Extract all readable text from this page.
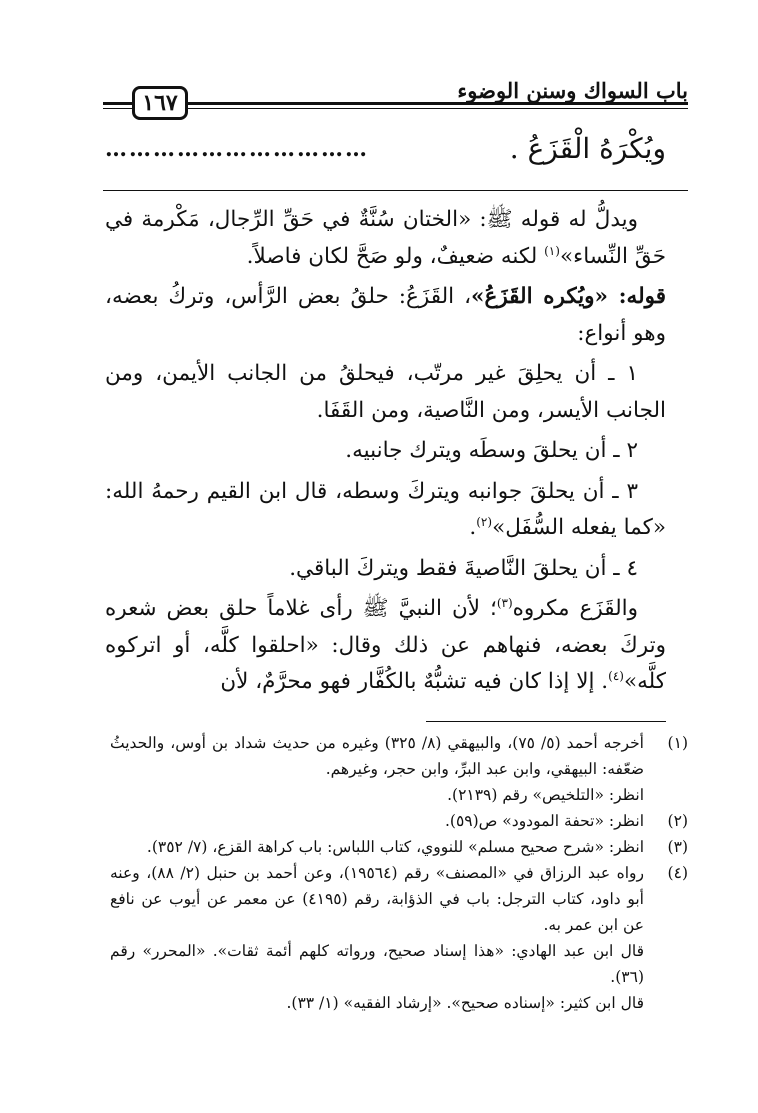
باب السواك وسنن الوضوء
١٦٧
ويُكْرَهُ الْقَزَعُ .
……………………………

ويدلُّ له قوله ﷺ: «الختان سُنَّةٌ في حَقِّ الرِّجال، مَكْرمة في حَقِّ النِّساء»$^{(١)}$ لكنه ضعيفٌ، ولو صَحَّ لكان فاصلاً.

قوله: «ويُكره القَزَعُ»، القَزَعُ: حلقُ بعض الرَّأس، وتركُ بعضه، وهو أنواع:

١ ـ أن يحلِقَ غير مرتّب، فيحلقُ من الجانب الأيمن، ومن الجانب الأيسر، ومن النَّاصية، ومن القَفَا.

٢ ـ أن يحلقَ وسطَه ويترك جانبيه.

٣ ـ أن يحلقَ جوانبه ويتركَ وسطه، قال ابن القيم رحمهُ الله: «كما يفعله السُّفَل»$^{(٢)}$.

٤ ـ أن يحلقَ النَّاصيةَ فقط ويتركَ الباقي.

والقَزَع مكروه$^{(٣)}$؛ لأن النبيَّ ﷺ رأى غلاماً حلق بعض شعره وتركَ بعضه، فنهاهم عن ذلك وقال: «احلقوا كلَّه، أو اتركوه كلَّه»$^{(٤)}$. إلا إذا كان فيه تشبُّهٌ بالكُفَّار فهو محرَّمٌ، لأن

(١)
أخرجه أحمد (٥/ ٧٥)، والبيهقي (٨/ ٣٢٥) وغيره من حديث شداد بن أوس، والحديثُ ضعّفه: البيهقي، وابن عبد البرِّ، وابن حجر، وغيرهم.
انظر: «التلخيص» رقم (٢١٣٩).
(٢)
انظر: «تحفة المودود» ص(٥٩).
(٣)
انظر: «شرح صحيح مسلم» للنووي، كتاب اللباس: باب كراهة القزع، (٧/ ٣٥٢).
(٤)
رواه عبد الرزاق في «المصنف» رقم (١٩٥٦٤)، وعن أحمد بن حنبل (٢/ ٨٨)، وعنه أبو داود، كتاب الترجل: باب في الذؤابة، رقم (٤١٩٥) عن معمر عن أيوب عن نافع عن ابن عمر به.
قال ابن عبد الهادي: «هذا إسناد صحيح، ورواته كلهم أئمة ثقات». «المحرر» رقم (٣٦).
قال ابن كثير: «إسناده صحيح». «إرشاد الفقيه» (١/ ٣٣).
